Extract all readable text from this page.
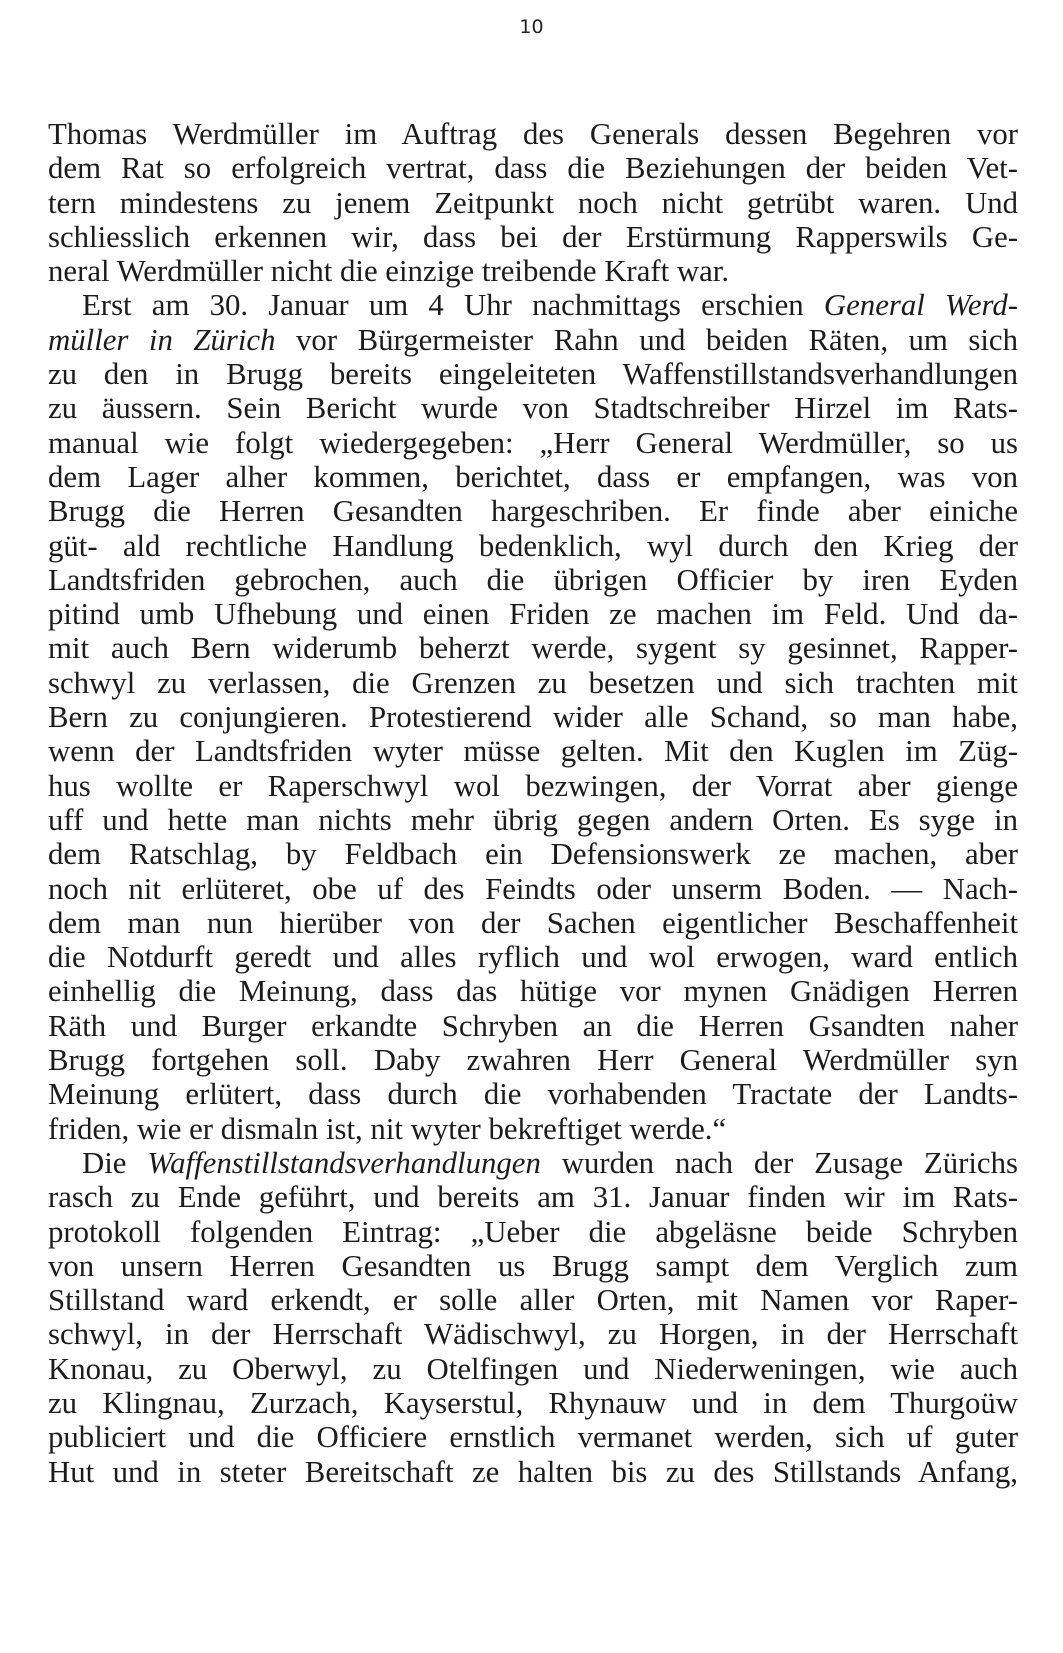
10
Thomas Werdmüller im Auftrag des Generals dessen Begehren vor
dem Rat so erfolgreich vertrat, dass die Beziehungen der beiden Vet-
tern mindestens zu jenem Zeitpunkt noch nicht getrübt waren. Und
schliesslich erkennen wir, dass bei der Erstürmung Rapperswils Ge-
neral Werdmüller nicht die einzige treibende Kraft war.
Erst am 30. Januar um 4 Uhr nachmittags erschien General Werd-
müller in Zürich vor Bürgermeister Rahn und beiden Räten, um sich
zu den in Brugg bereits eingeleiteten Waffenstillstandsverhandlungen
zu äussern. Sein Bericht wurde von Stadtschreiber Hirzel im Rats-
manual wie folgt wiedergegeben: „Herr General Werdmüller, so us
dem Lager alher kommen, berichtet, dass er empfangen, was von
Brugg die Herren Gesandten hargeschriben. Er finde aber einiche
güt- ald rechtliche Handlung bedenklich, wyl durch den Krieg der
Landtsfriden gebrochen, auch die übrigen Officier by iren Eyden
pitind umb Ufhebung und einen Friden ze machen im Feld. Und da-
mit auch Bern widerumb beherzt werde, sygent sy gesinnet, Rapper-
schwyl zu verlassen, die Grenzen zu besetzen und sich trachten mit
Bern zu conjungieren. Protestierend wider alle Schand, so man habe,
wenn der Landtsfriden wyter müsse gelten. Mit den Kuglen im Züg-
hus wollte er Raperschwyl wol bezwingen, der Vorrat aber gienge
uff und hette man nichts mehr übrig gegen andern Orten. Es syge in
dem Ratschlag, by Feldbach ein Defensionswerk ze machen, aber
noch nit erlüteret, obe uf des Feindts oder unserm Boden. — Nach-
dem man nun hierüber von der Sachen eigentlicher Beschaffenheit
die Notdurft geredt und alles ryflich und wol erwogen, ward entlich
einhellig die Meinung, dass das hütige vor mynen Gnädigen Herren
Räth und Burger erkandte Schryben an die Herren Gsandten naher
Brugg fortgehen soll. Daby zwahren Herr General Werdmüller syn
Meinung erlütert, dass durch die vorhabenden Tractate der Landts-
friden, wie er dismaln ist, nit wyter bekreftiget werde.“
Die Waffenstillstandsverhandlungen wurden nach der Zusage Zürichs
rasch zu Ende geführt, und bereits am 31. Januar finden wir im Rats-
protokoll folgenden Eintrag: „Ueber die abgeläsne beide Schryben
von unsern Herren Gesandten us Brugg sampt dem Verglich zum
Stillstand ward erkendt, er solle aller Orten, mit Namen vor Raper-
schwyl, in der Herrschaft Wädischwyl, zu Horgen, in der Herrschaft
Knonau, zu Oberwyl, zu Otelfingen und Niederweningen, wie auch
zu Klingnau, Zurzach, Kayserstul, Rhynauw und in dem Thurgoüw
publiciert und die Officiere ernstlich vermanet werden, sich uf guter
Hut und in steter Bereitschaft ze halten bis zu des Stillstands Anfang,
